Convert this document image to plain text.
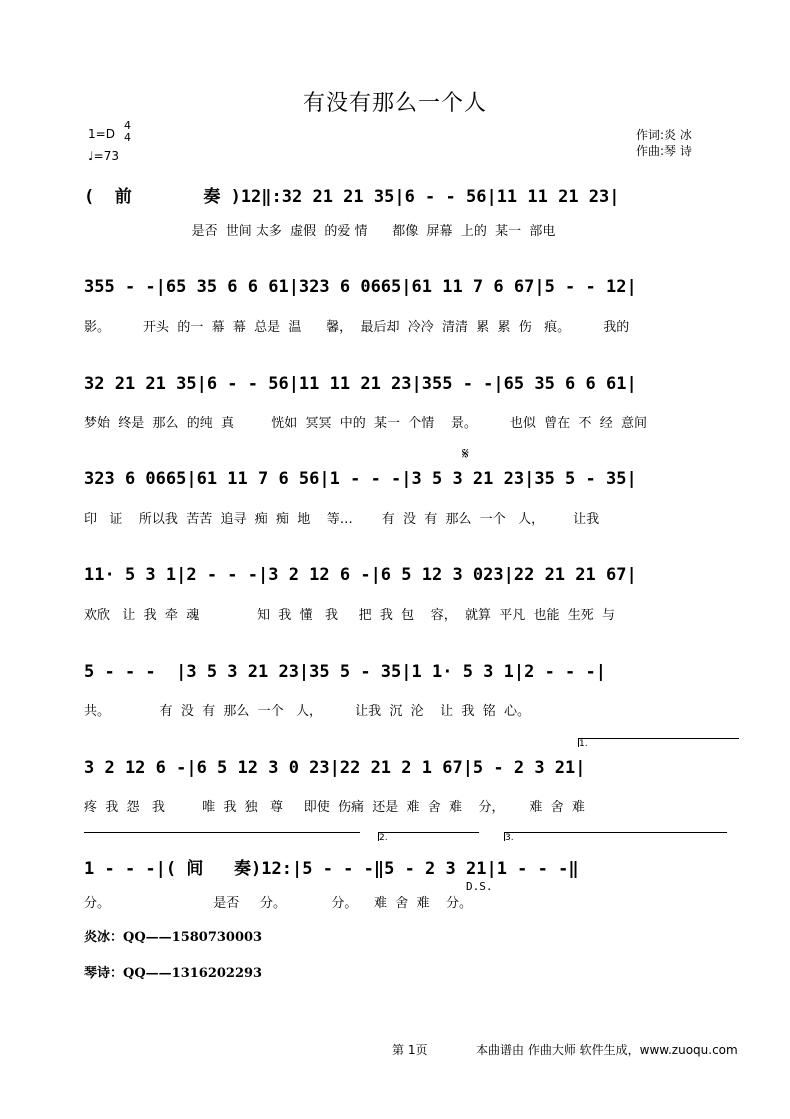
有没有那么一个人
1=D
4
4
♩=73
作词:炎 冰
作曲:琴 诗
(  前       奏 )12‖:32 21 21 35|6 - - 56|11 11 21 23|
是否  世间 太多  虚假  的爱 情      都像  屏幕  上的  某一  部电
355 - -|65 35 6 6 61|323 6 0665|61 11 7 6 67|5 - - 12|
影。        开头  的一  幕  幕  总是  温      馨，  最后却  冷冷  清清  累  累  伤   痕。        我的
32 21 21 35|6 - - 56|11 11 21 23|355 - -|65 35 6 6 61|
梦始  终是  那么  的纯  真         恍如  冥冥  中的  某一  个情    景。        也似  曾在  不  经  意间
𝄋
323 6 0665|61 11 7 6 56|1 - - -|3 5 3 21 23|35 5 - 35|
印   证    所以我  苦苦  追寻  痴  痴  地    等…       有  没  有  那么  一个   人，       让我
11· 5 3 1|2 - - -|3 2 12 6 -|6 5 12 3 023|22 21 21 67|
欢欣   让  我  牵  魂              知  我  懂   我     把  我  包    容，  就算  平凡  也能  生死  与
5 - - -  |3 5 3 21 23|35 5 - 35|1 1· 5 3 1|2 - - -|
共。            有  没  有  那么  一个   人，        让我  沉  沦    让  我  铭  心。
1.
3 2 12 6 -|6 5 12 3 0 23|22 21 2 1 67|5 - 2 3 21|
疼  我  怨   我         唯  我  独   尊     即使  伤痛  还是  难  舍  难    分，      难  舍  难
2.	3.
1 - - -|( 间   奏)12:|5 - - -‖5 - 2 3 21|1 - - -‖
分。                         是否     分。           分。    难  舍  难    分。
D.S.
炎冰：QQ——1580730003
琴诗：QQ——1316202293
第 1页	本曲谱由 作曲大师 软件生成，www.zuoqu.com
